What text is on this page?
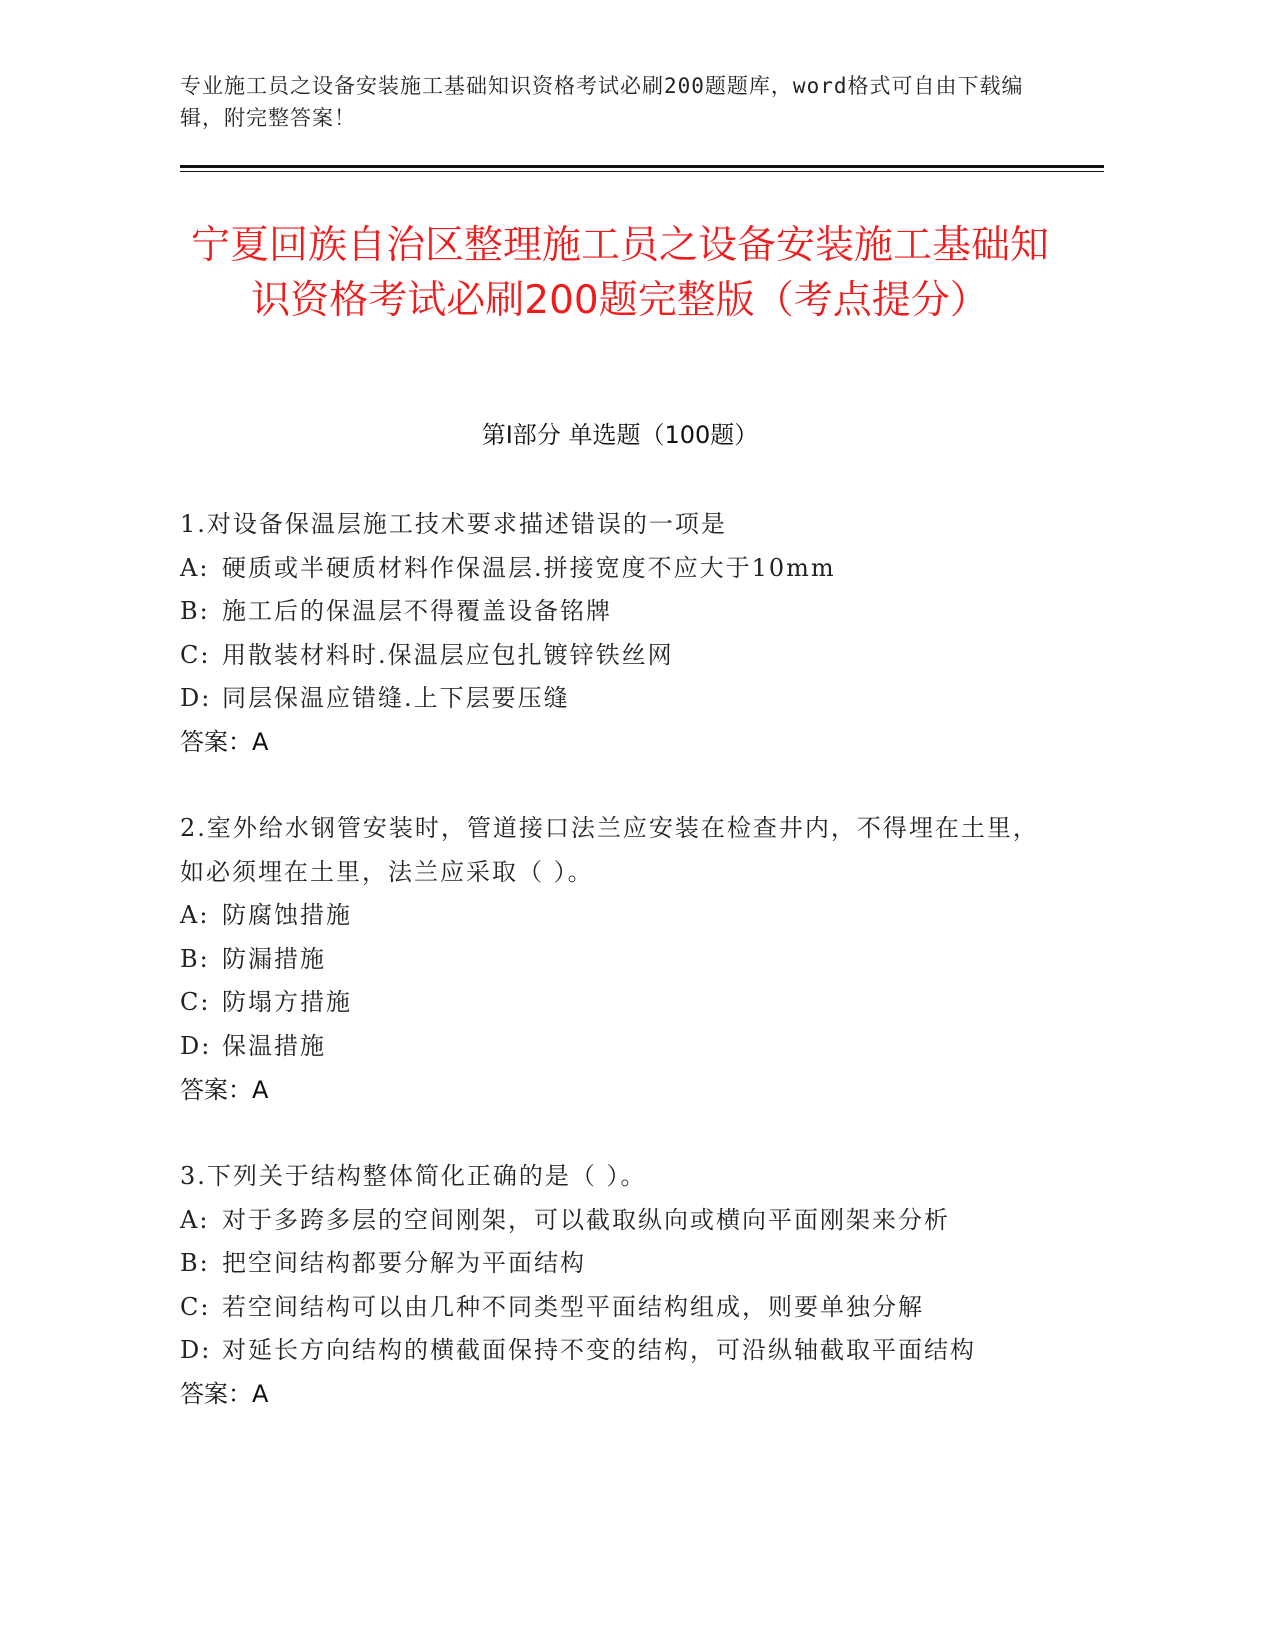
专业施工员之设备安装施工基础知识资格考试必刷200题题库，word格式可自由下载编辑，附完整答案！
宁夏回族自治区整理施工员之设备安装施工基础知识资格考试必刷200题完整版（考点提分）
第Ⅰ部分 单选题（100题）

1.对设备保温层施工技术要求描述错误的一项是

A: 硬质或半硬质材料作保温层.拼接宽度不应大于10mm

B: 施工后的保温层不得覆盖设备铭牌

C: 用散装材料时.保温层应包扎镀锌铁丝网

D: 同层保温应错缝.上下层要压缝

答案：A

2.室外给水钢管安装时，管道接口法兰应安装在检查井内，不得埋在土里，如必须埋在土里，法兰应采取（ ）。

A: 防腐蚀措施

B: 防漏措施

C: 防塌方措施

D: 保温措施

答案：A

3.下列关于结构整体简化正确的是（ ）。

A: 对于多跨多层的空间刚架，可以截取纵向或横向平面刚架来分析

B: 把空间结构都要分解为平面结构

C: 若空间结构可以由几种不同类型平面结构组成，则要单独分解

D: 对延长方向结构的横截面保持不变的结构，可沿纵轴截取平面结构

答案：A
